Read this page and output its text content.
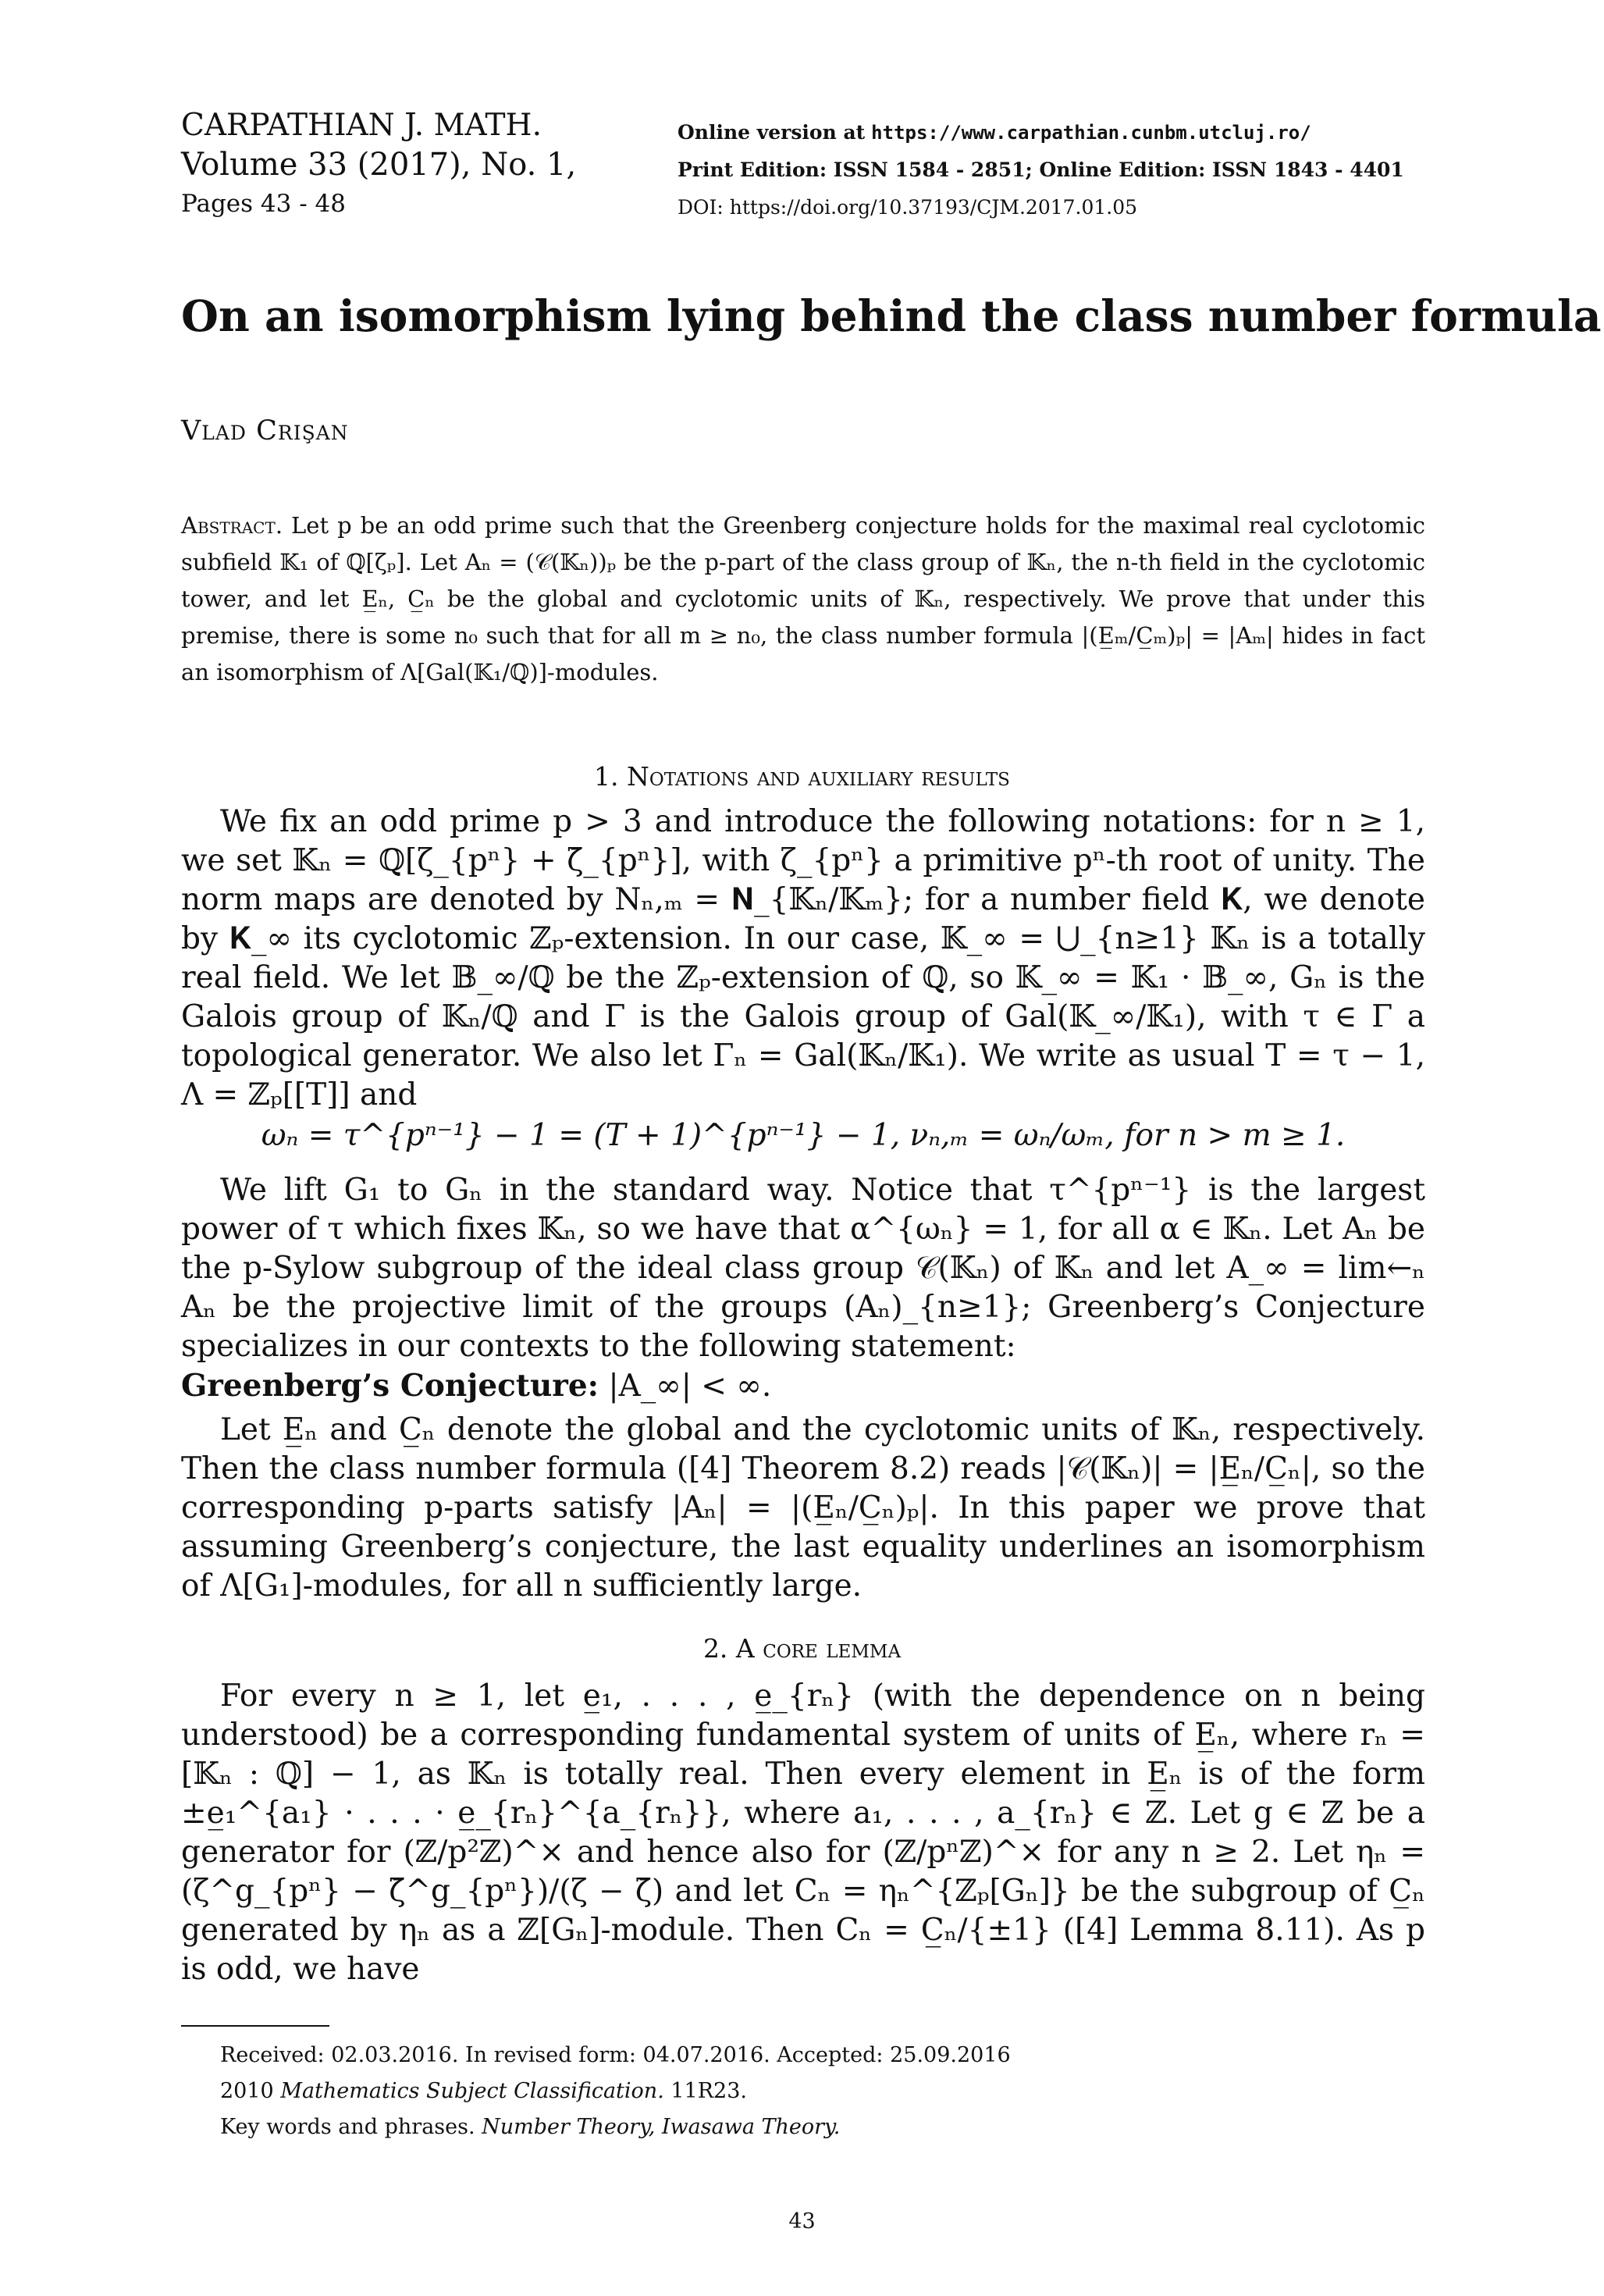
CARPATHIAN J. MATH.
Volume 33 (2017), No. 1,
Pages 43 - 48
Online version at https://www.carpathian.cunbm.utcluj.ro/
Print Edition: ISSN 1584 - 2851; Online Edition: ISSN 1843 - 4401
DOI: https://doi.org/10.37193/CJM.2017.01.05
On an isomorphism lying behind the class number formula
Vlad Crişan
Abstract. Let p be an odd prime such that the Greenberg conjecture holds for the maximal real cyclotomic subfield 𝕂₁ of ℚ[ζₚ]. Let Aₙ = (𝒞(𝕂ₙ))ₚ be the p-part of the class group of 𝕂ₙ, the n-th field in the cyclotomic tower, and let E̲ₙ, C̲ₙ be the global and cyclotomic units of 𝕂ₙ, respectively. We prove that under this premise, there is some n₀ such that for all m ≥ n₀, the class number formula |(E̲ₘ/C̲ₘ)ₚ| = |Aₘ| hides in fact an isomorphism of Λ[Gal(𝕂₁/ℚ)]-modules.
1. Notations and auxiliary results

We fix an odd prime p > 3 and introduce the following notations: for n ≥ 1, we set 𝕂ₙ = ℚ[ζ_{pⁿ} + ζ̄_{pⁿ}], with ζ_{pⁿ} a primitive pⁿ-th root of unity. The norm maps are denoted by Nₙ,ₘ = 𝐍_{𝕂ₙ/𝕂ₘ}; for a number field 𝐊, we denote by 𝐊_∞ its cyclotomic ℤₚ-extension. In our case, 𝕂_∞ = ⋃_{n≥1} 𝕂ₙ is a totally real field. We let 𝔹_∞/ℚ be the ℤₚ-extension of ℚ, so 𝕂_∞ = 𝕂₁ · 𝔹_∞, Gₙ is the Galois group of 𝕂ₙ/ℚ and Γ is the Galois group of Gal(𝕂_∞/𝕂₁), with τ ∈ Γ a topological generator. We also let Γₙ = Gal(𝕂ₙ/𝕂₁). We write as usual T = τ − 1, Λ = ℤₚ[[T]] and

ωₙ = τ^{pⁿ⁻¹} − 1 = (T + 1)^{pⁿ⁻¹} − 1, νₙ,ₘ = ωₙ/ωₘ, for n > m ≥ 1.

We lift G₁ to Gₙ in the standard way. Notice that τ^{pⁿ⁻¹} is the largest power of τ which fixes 𝕂ₙ, so we have that α^{ωₙ} = 1, for all α ∈ 𝕂ₙ. Let Aₙ be the p-Sylow subgroup of the ideal class group 𝒞(𝕂ₙ) of 𝕂ₙ and let A_∞ = lim←ₙ Aₙ be the projective limit of the groups (Aₙ)_{n≥1}; Greenberg’s Conjecture specializes in our contexts to the following statement:

Greenberg’s Conjecture: |A_∞| < ∞.

Let E̲ₙ and C̲ₙ denote the global and the cyclotomic units of 𝕂ₙ, respectively. Then the class number formula ([4] Theorem 8.2) reads |𝒞(𝕂ₙ)| = |E̲ₙ/C̲ₙ|, so the corresponding p-parts satisfy |Aₙ| = |(E̲ₙ/C̲ₙ)ₚ|. In this paper we prove that assuming Greenberg’s conjecture, the last equality underlines an isomorphism of Λ[G₁]-modules, for all n sufficiently large.

2. A core lemma

For every n ≥ 1, let e̲₁, . . . , e̲_{rₙ} (with the dependence on n being understood) be a corresponding fundamental system of units of E̲ₙ, where rₙ = [𝕂ₙ : ℚ] − 1, as 𝕂ₙ is totally real. Then every element in E̲ₙ is of the form ±e̲₁^{a₁} · . . . · e̲_{rₙ}^{a_{rₙ}}, where a₁, . . . , a_{rₙ} ∈ ℤ. Let g ∈ ℤ be a generator for (ℤ/p²ℤ)^× and hence also for (ℤ/pⁿℤ)^× for any n ≥ 2. Let ηₙ = (ζ^g_{pⁿ} − ζ̄^g_{pⁿ})/(ζ − ζ̄) and let Cₙ = ηₙ^{ℤₚ[Gₙ]} be the subgroup of C̲ₙ generated by ηₙ as a ℤ[Gₙ]-module. Then Cₙ = C̲ₙ/{±1} ([4] Lemma 8.11). As p is odd, we have

Received: 02.03.2016. In revised form: 04.07.2016. Accepted: 25.09.2016
2010 Mathematics Subject Classification. 11R23.
Key words and phrases. Number Theory, Iwasawa Theory.
43
